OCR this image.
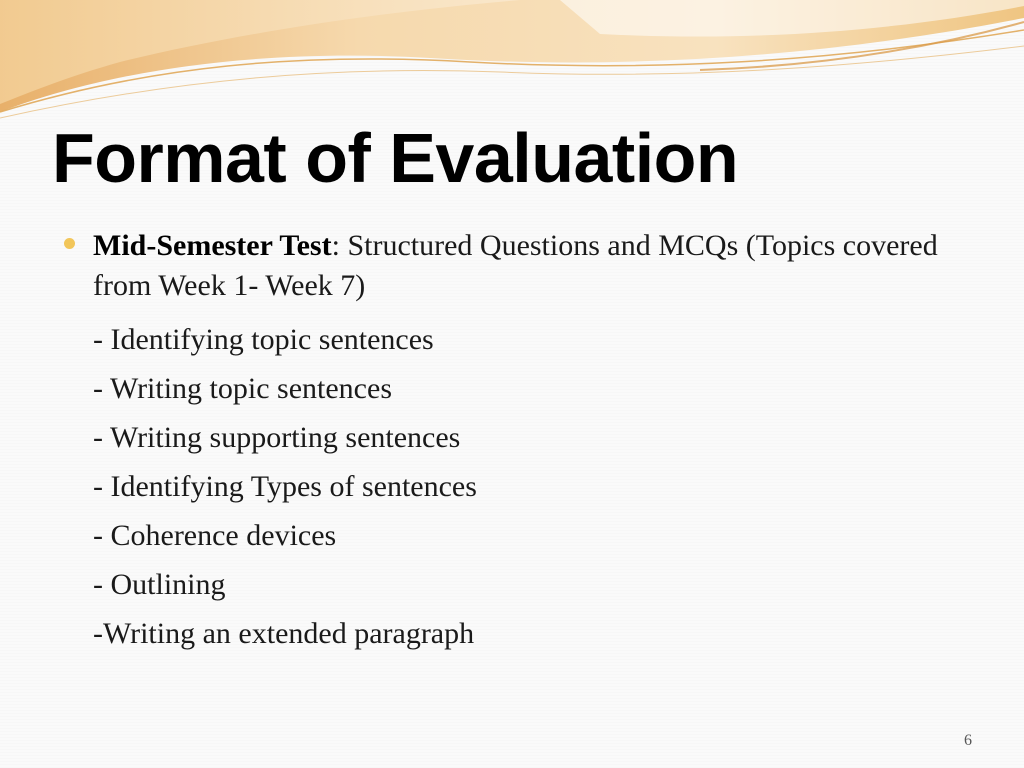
Format of Evaluation

Mid-Semester Test: Structured Questions and MCQs (Topics covered from Week 1- Week 7)

- Identifying topic sentences
- Writing topic sentences
- Writing supporting sentences
- Identifying Types of sentences
- Coherence devices
- Outlining
-Writing an extended paragraph
6
